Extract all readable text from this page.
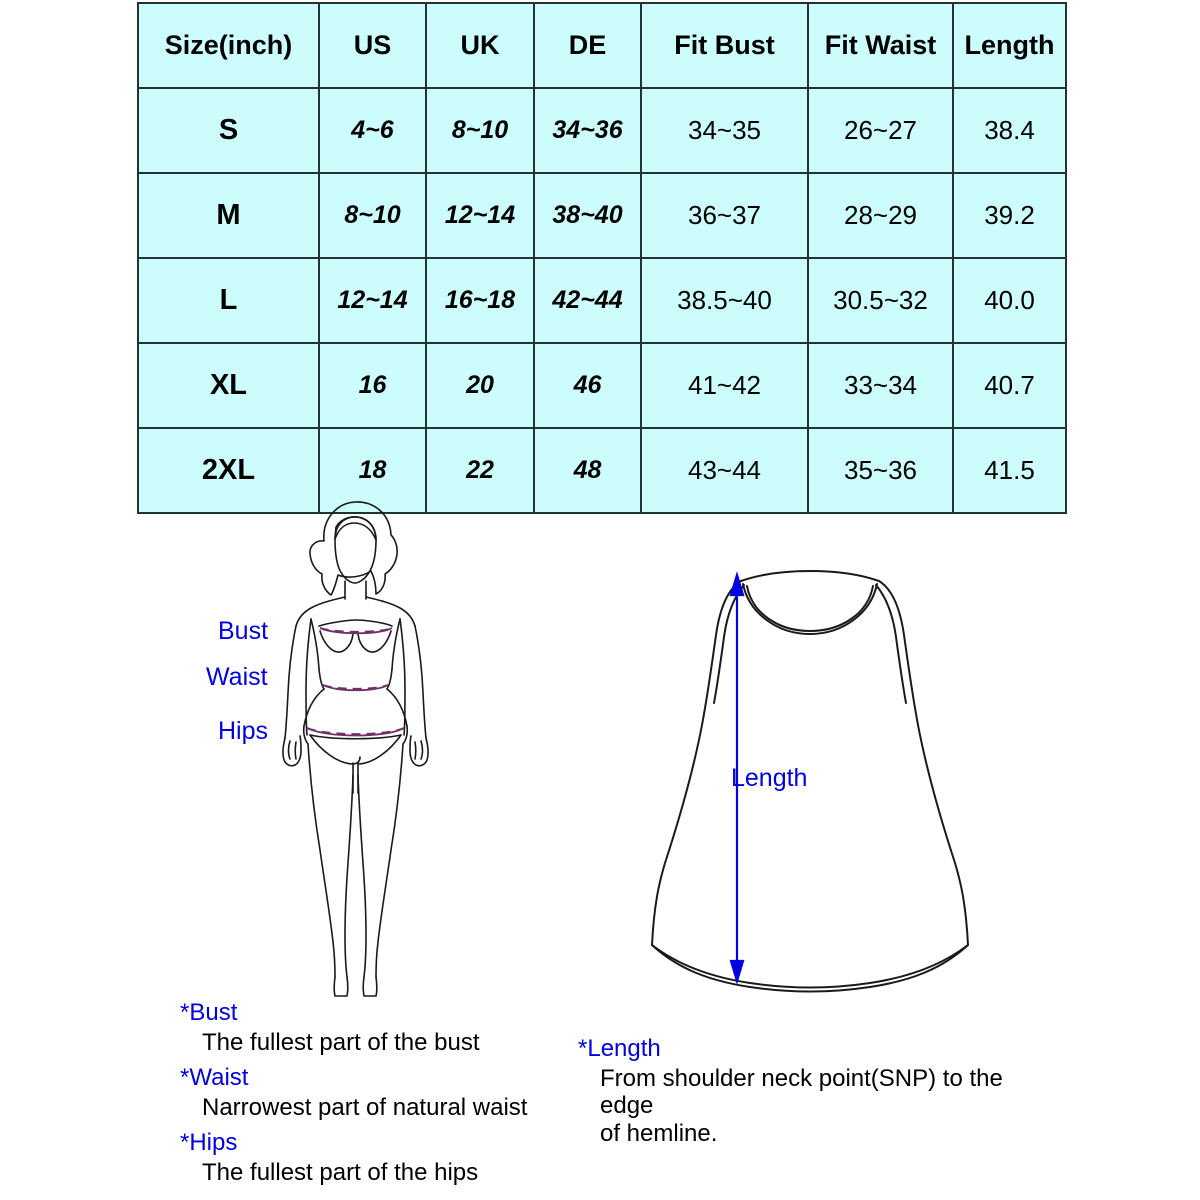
Size(inch)	US	UK	DE	Fit Bust	Fit Waist	Length
S	4~6	8~10	34~36	34~35	26~27	38.4
M	8~10	12~14	38~40	36~37	28~29	39.2
L	12~14	16~18	42~44	38.5~40	30.5~32	40.0
XL	16	20	46	41~42	33~34	40.7
2XL	18	22	48	43~44	35~36	41.5
Bust
Waist
Hips
Length

*Bust

The fullest part of the bust

*Waist

Narrowest part of natural waist

*Hips

The fullest part of the hips

*Length

From shoulder neck point(SNP) to the edge

of hemline.
